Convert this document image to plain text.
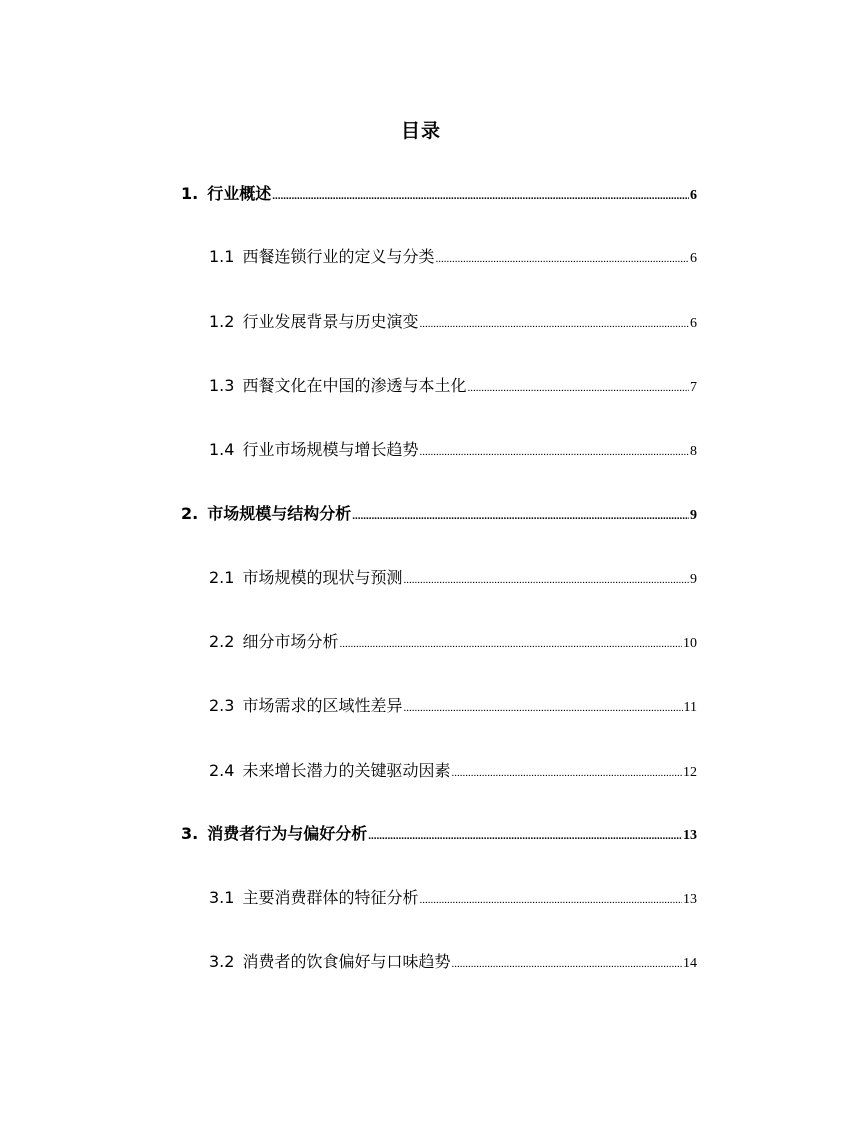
目录
1. 行业概述 .....	6
1.1 西餐连锁行业的定义与分类 .....	6
1.2 行业发展背景与历史演变 .....	6
1.3 西餐文化在中国的渗透与本土化 .....	7
1.4 行业市场规模与增长趋势 .....	8
2. 市场规模与结构分析 .....	9
2.1 市场规模的现状与预测 .....	9
2.2 细分市场分析 .....	10
2.3 市场需求的区域性差异 .....	11
2.4 未来增长潜力的关键驱动因素 .....	12
3. 消费者行为与偏好分析 .....	13
3.1 主要消费群体的特征分析 .....	13
3.2 消费者的饮食偏好与口味趋势 .....	14
